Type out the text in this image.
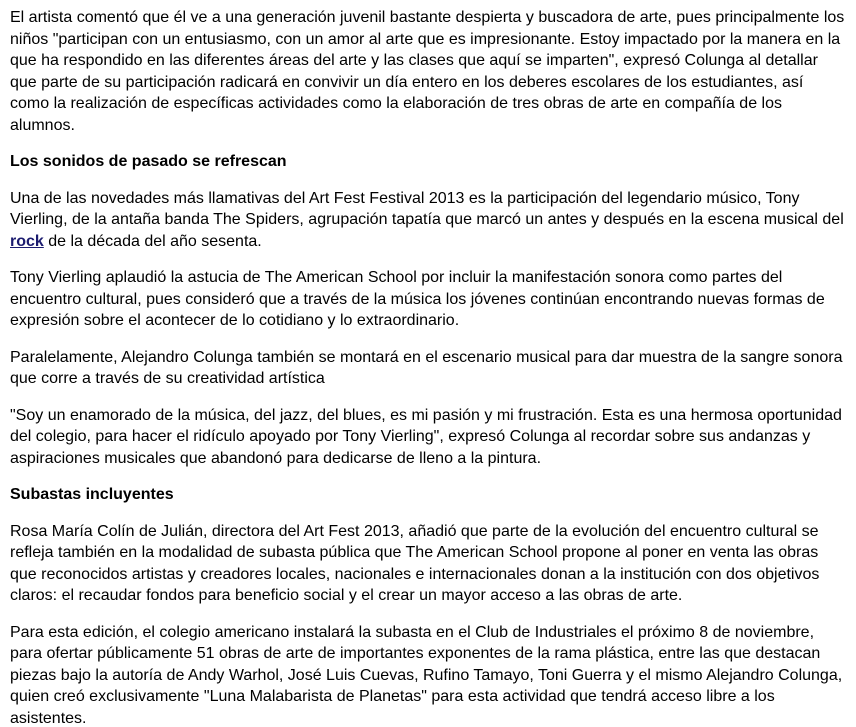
El artista comentó que él ve a una generación juvenil bastante despierta y buscadora de arte, pues principalmente los niños "participan con un entusiasmo, con un amor al arte que es impresionante. Estoy impactado por la manera en la que ha respondido en las diferentes áreas del arte y las clases que aquí se imparten", expresó Colunga al detallar que parte de su participación radicará en convivir un día entero en los deberes escolares de los estudiantes, así como la realización de específicas actividades como la elaboración de tres obras de arte en compañía de los alumnos.

Los sonidos de pasado se refrescan

Una de las novedades más llamativas del Art Fest Festival 2013 es la participación del legendario músico, Tony Vierling, de la antaña banda The Spiders, agrupación tapatía que marcó un antes y después en la escena musical del rock de la década del año sesenta.

Tony Vierling aplaudió la astucia de The American School por incluir la manifestación sonora como partes del encuentro cultural, pues consideró que a través de la música los jóvenes continúan encontrando nuevas formas de expresión sobre el acontecer de lo cotidiano y lo extraordinario.

Paralelamente, Alejandro Colunga también se montará en el escenario musical para dar muestra de la sangre sonora que corre a través de su creatividad artística

"Soy un enamorado de la música, del jazz, del blues, es mi pasión y mi frustración. Esta es una hermosa oportunidad del colegio, para hacer el ridículo apoyado por Tony Vierling", expresó Colunga al recordar sobre sus andanzas y aspiraciones musicales que abandonó para dedicarse de lleno a la pintura.

Subastas incluyentes

Rosa María Colín de Julián, directora del Art Fest 2013, añadió que parte de la evolución del encuentro cultural se refleja también en la modalidad de subasta pública que The American School propone al poner en venta las obras que reconocidos artistas y creadores locales, nacionales e internacionales donan a la institución con dos objetivos claros: el recaudar fondos para beneficio social y el crear un mayor acceso a las obras de arte.

Para esta edición, el colegio americano instalará la subasta en el Club de Industriales el próximo 8 de noviembre, para ofertar públicamente 51 obras de arte de importantes exponentes de la rama plástica, entre las que destacan piezas bajo la autoría de Andy Warhol, José Luis Cuevas, Rufino Tamayo, Toni Guerra y el mismo Alejandro Colunga, quien creó exclusivamente "Luna Malabarista de Planetas" para esta actividad que tendrá acceso libre a los asistentes.
